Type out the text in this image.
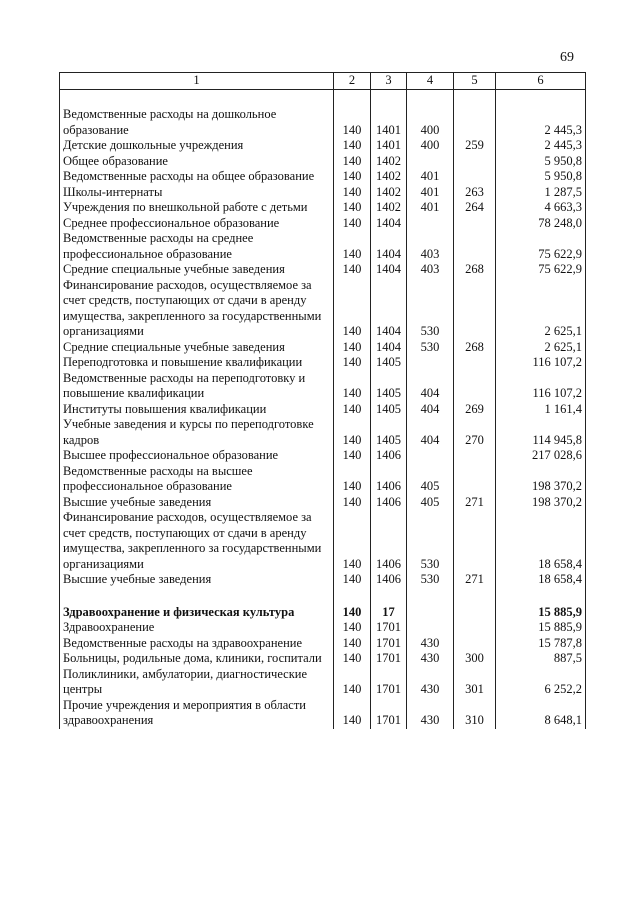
69
1	2	3	4	5	6

Ведомственные расходы на дошкольное образование	140	1401	400		2 445,3
Детские дошкольные учреждения	140	1401	400	259	2 445,3
Общее образование	140	1402			5 950,8
Ведомственные расходы на общее образование	140	1402	401		5 950,8
Школы-интернаты	140	1402	401	263	1 287,5
Учреждения по внешкольной работе с детьми	140	1402	401	264	4 663,3
Среднее профессиональное образование	140	1404			78 248,0
Ведомственные расходы на среднее профессиональное образование	140	1404	403		75 622,9
Средние специальные учебные заведения	140	1404	403	268	75 622,9
Финансирование расходов, осуществляемое за счет средств, поступающих от сдачи в аренду имущества, закрепленного за государственными организациями	140	1404	530		2 625,1
Средние специальные учебные заведения	140	1404	530	268	2 625,1
Переподготовка и повышение квалификации	140	1405			116 107,2
Ведомственные расходы на переподготовку и повышение квалификации	140	1405	404		116 107,2
Институты повышения квалификации	140	1405	404	269	1 161,4
Учебные заведения и курсы по переподготовке кадров	140	1405	404	270	114 945,8
Высшее профессиональное образование	140	1406			217 028,6
Ведомственные расходы на высшее профессиональное образование	140	1406	405		198 370,2
Высшие учебные заведения	140	1406	405	271	198 370,2
Финансирование расходов, осуществляемое за счет средств, поступающих от сдачи в аренду имущества, закрепленного за государственными организациями	140	1406	530		18 658,4
Высшие учебные заведения	140	1406	530	271	18 658,4

Здравоохранение и физическая культура	140	17			15 885,9
Здравоохранение	140	1701			15 885,9
Ведомственные расходы на здравоохранение	140	1701	430		15 787,8
Больницы, родильные дома, клиники, госпитали	140	1701	430	300	887,5
Поликлиники, амбулатории, диагностические центры	140	1701	430	301	6 252,2
Прочие учреждения и мероприятия в области здравоохранения	140	1701	430	310	8 648,1
